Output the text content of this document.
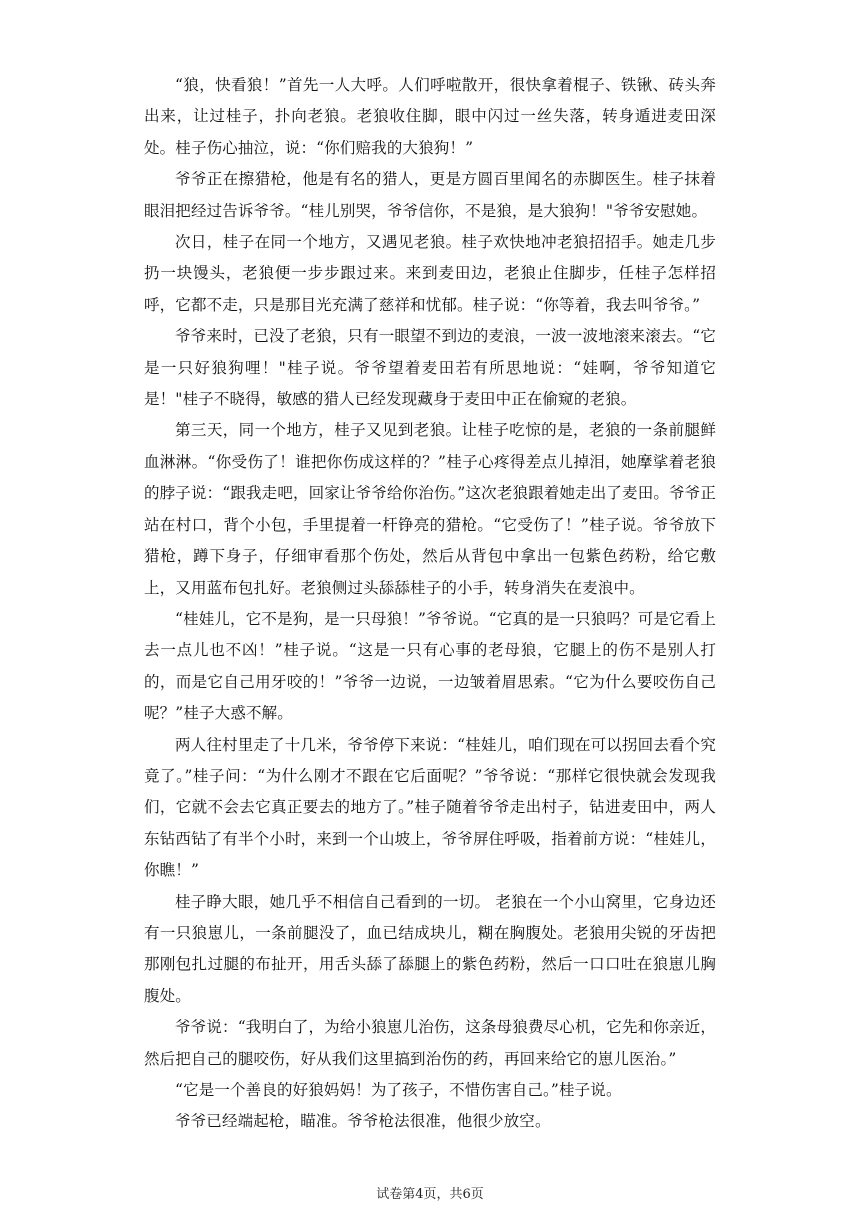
“狼，快看狼！”首先一人大呼。人们呼啦散开，很快拿着棍子、铁锹、砖头奔出来，让过桂子，扑向老狼。老狼收住脚，眼中闪过一丝失落，转身遁进麦田深处。桂子伤心抽泣，说：“你们赔我的大狼狗！”

爷爷正在擦猎枪，他是有名的猎人，更是方圆百里闻名的赤脚医生。桂子抹着眼泪把经过告诉爷爷。“桂儿别哭，爷爷信你，不是狼，是大狼狗！"爷爷安慰她。

次日，桂子在同一个地方，又遇见老狼。桂子欢快地冲老狼招招手。她走几步扔一块馒头，老狼便一步步跟过来。来到麦田边，老狼止住脚步，任桂子怎样招呼，它都不走，只是那目光充满了慈祥和忧郁。桂子说：“你等着，我去叫爷爷。”

爷爷来时，已没了老狼，只有一眼望不到边的麦浪，一波一波地滚来滚去。“它是一只好狼狗哩！"桂子说。爷爷望着麦田若有所思地说：“娃啊，爷爷知道它是！"桂子不晓得，敏感的猎人已经发现藏身于麦田中正在偷窥的老狼。

第三天，同一个地方，桂子又见到老狼。让桂子吃惊的是，老狼的一条前腿鲜血淋淋。“你受伤了！谁把你伤成这样的？”桂子心疼得差点儿掉泪，她摩挲着老狼的脖子说：“跟我走吧，回家让爷爷给你治伤。”这次老狼跟着她走出了麦田。爷爷正站在村口，背个小包，手里提着一杆铮亮的猎枪。“它受伤了！”桂子说。爷爷放下猎枪，蹲下身子，仔细审看那个伤处，然后从背包中拿出一包紫色药粉，给它敷上，又用蓝布包扎好。老狼侧过头舔舔桂子的小手，转身消失在麦浪中。

“桂娃儿，它不是狗，是一只母狼！”爷爷说。“它真的是一只狼吗？可是它看上去一点儿也不凶！”桂子说。“这是一只有心事的老母狼，它腿上的伤不是别人打的，而是它自己用牙咬的！”爷爷一边说，一边皱着眉思索。“它为什么要咬伤自己呢？”桂子大惑不解。

两人往村里走了十几米，爷爷停下来说：“桂娃儿，咱们现在可以拐回去看个究竟了。”桂子问：“为什么刚才不跟在它后面呢？”爷爷说：“那样它很快就会发现我们，它就不会去它真正要去的地方了。”桂子随着爷爷走出村子，钻进麦田中，两人东钻西钻了有半个小时，来到一个山坡上，爷爷屏住呼吸，指着前方说：“桂娃儿，你瞧！”

桂子睁大眼，她几乎不相信自己看到的一切。 老狼在一个小山窝里，它身边还有一只狼崽儿，一条前腿没了，血已结成块儿，糊在胸腹处。老狼用尖锐的牙齿把那刚包扎过腿的布扯开，用舌头舔了舔腿上的紫色药粉，然后一口口吐在狼崽儿胸腹处。

爷爷说：“我明白了，为给小狼崽儿治伤，这条母狼费尽心机，它先和你亲近，然后把自己的腿咬伤，好从我们这里搞到治伤的药，再回来给它的崽儿医治。”

“它是一个善良的好狼妈妈！为了孩子，不惜伤害自己。”桂子说。

爷爷已经端起枪，瞄准。爷爷枪法很准，他很少放空。

试卷第4页，共6页
